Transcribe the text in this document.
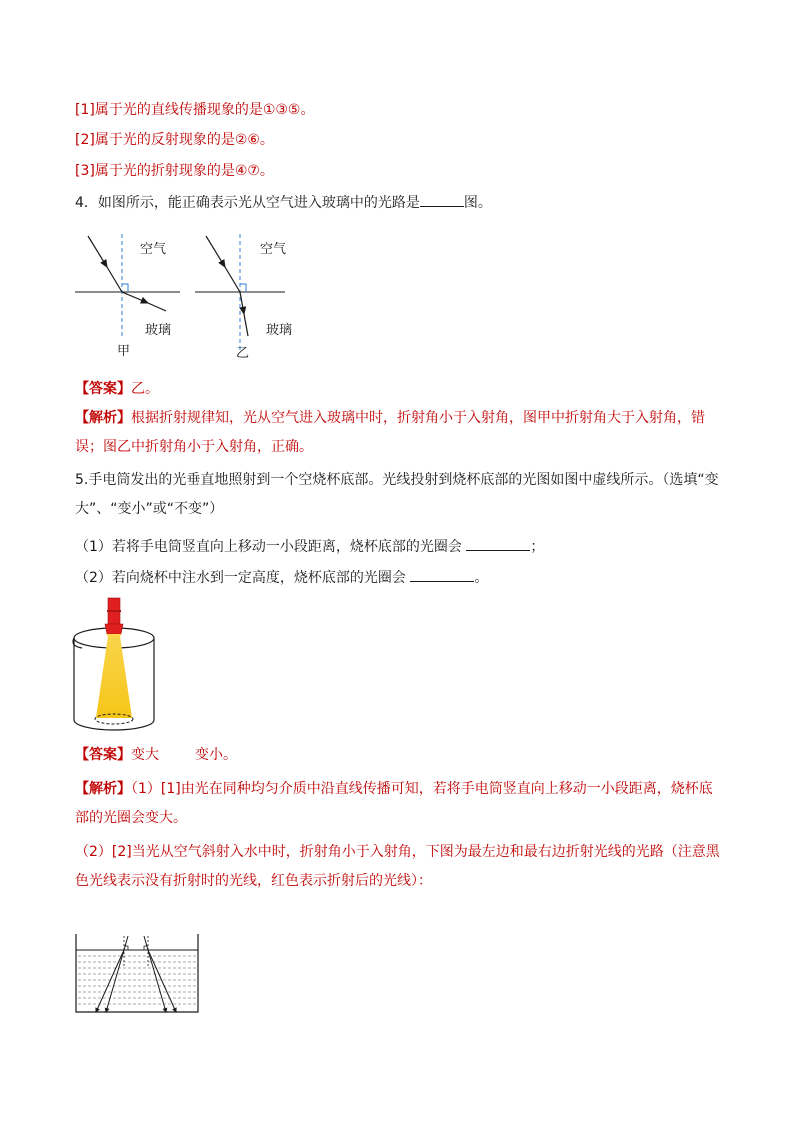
[1]属于光的直线传播现象的是①③⑤。
[2]属于光的反射现象的是②⑥。
[3]属于光的折射现象的是④⑦。
4．如图所示，能正确表示光从空气进入玻璃中的光路是	图。
空气
玻璃
甲
空气
玻璃
乙
【答案】乙。
【解析】根据折射规律知，光从空气进入玻璃中时，折射角小于入射角，图甲中折射角大于入射角，错误；图乙中折射角小于入射角，正确。
5.手电筒发出的光垂直地照射到一个空烧杯底部。光线投射到烧杯底部的光图如图中虚线所示。（选填“变大”、“变小”或“不变”）
（1）若将手电筒竖直向上移动一小段距离，烧杯底部的光圈会	；
（2）若向烧杯中注水到一定高度，烧杯底部的光圈会	。
【答案】变大	变小。
【解析】（1）[1]由光在同种均匀介质中沿直线传播可知，若将手电筒竖直向上移动一小段距离，烧杯底部的光圈会变大。
（2）[2]当光从空气斜射入水中时，折射角小于入射角，下图为最左边和最右边折射光线的光路（注意黑色光线表示没有折射时的光线，红色表示折射后的光线）：
